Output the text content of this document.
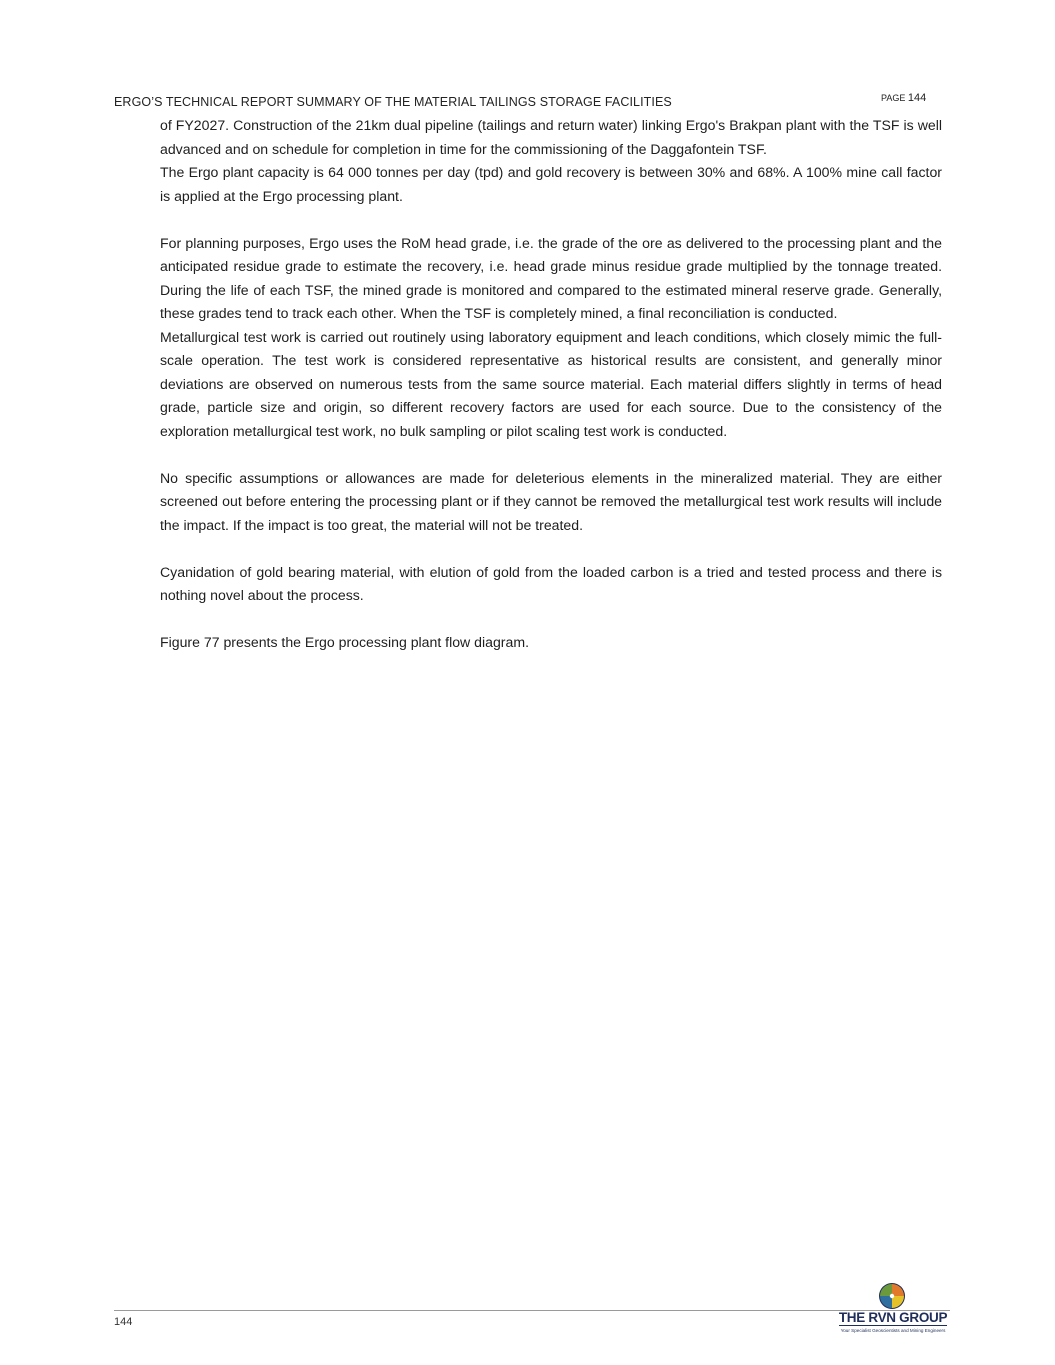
ERGO’S TECHNICAL REPORT SUMMARY OF THE MATERIAL TAILINGS STORAGE FACILITIES	PAGE 144

of FY2027. Construction of the 21km dual pipeline (tailings and return water) linking Ergo's Brakpan plant with the TSF is well advanced and on schedule for completion in time for the commissioning of the Daggafontein TSF.

The Ergo plant capacity is 64 000 tonnes per day (tpd) and gold recovery is between 30% and 68%. A 100% mine call factor is applied at the Ergo processing plant.

For planning purposes, Ergo uses the RoM head grade, i.e. the grade of the ore as delivered to the processing plant and the anticipated residue grade to estimate the recovery, i.e. head grade minus residue grade multiplied by the tonnage treated. During the life of each TSF, the mined grade is monitored and compared to the estimated mineral reserve grade. Generally, these grades tend to track each other. When the TSF is completely mined, a final reconciliation is conducted.

Metallurgical test work is carried out routinely using laboratory equipment and leach conditions, which closely mimic the full-scale operation. The test work is considered representative as historical results are consistent, and generally minor deviations are observed on numerous tests from the same source material. Each material differs slightly in terms of head grade, particle size and origin, so different recovery factors are used for each source. Due to the consistency of the exploration metallurgical test work, no bulk sampling or pilot scaling test work is conducted.

No specific assumptions or allowances are made for deleterious elements in the mineralized material. They are either screened out before entering the processing plant or if they cannot be removed the metallurgical test work results will include the impact. If the impact is too great, the material will not be treated.

Cyanidation of gold bearing material, with elution of gold from the loaded carbon is a tried and tested process and there is nothing novel about the process.

Figure 77 presents the Ergo processing plant flow diagram.

144	THE RVN GROUP
Your Specialist Geoscientists and Mining Engineers
